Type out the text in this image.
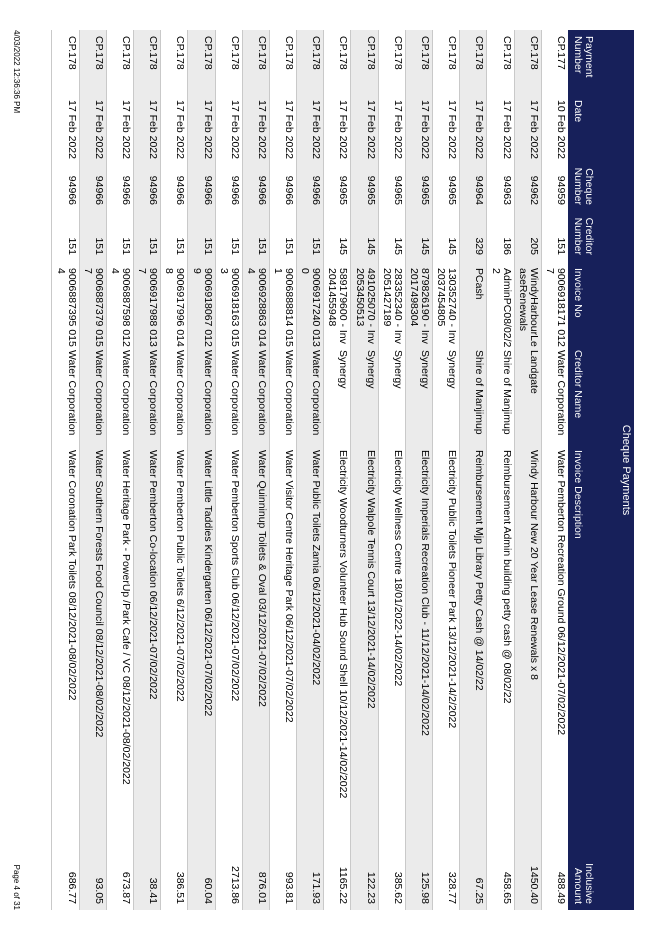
Cheque Payments
Payment Number
Date
Cheque Number
Creditor Number
Invoice No
Creditor Name
Invoice Description
Inclusive Amount
CP.177
10 Feb 2022
94959
151
9006918171 012 7
Water Corporation
Water Pemberton Recreation Ground 06/12/2021-07/02/2022
488.49
CP.178
17 Feb 2022
94962
205
WindyHarbourLe aseRenewals
Landgate
Windy Harbour New 20 Year Lease Renewals x 8
1450.40
CP.178
17 Feb 2022
94963
186
AdminPC08/02/2 2
Shire of Manjimup
Reimbursement Admin building petty cash @ 08/02/22
458.65
CP.178
17 Feb 2022
94964
329
PCash
Shire of Manjimup
Reimbursement Mjp Library Petty Cash @ 14/02/22
67.25
CP.178
17 Feb 2022
94965
145
130352740 - Inv 2037454805
Synergy
Electricity Public Toilets Pioneer Park 13/12/2021-14/2/2022
328.77
CP.178
17 Feb 2022
94965
145
879826190 - Inv 2017498304
Synergy
Electricity Imperials Recreation Club - 11/12/2021-14/02/2022
125.98
CP.178
17 Feb 2022
94965
145
283352340 - Inv 2051427189
Synergy
Electricity Wellness Centre 18/01/2022-14/02/2022
385.62
CP.178
17 Feb 2022
94965
145
491025070 - Inv 2053450513
Synergy
Electricity Walpole Tennis Court 13/12/2021-14/02/2022
122.23
CP.178
17 Feb 2022
94965
145
589179600 - Inv 2041455948
Synergy
Electricity Woodturners Volunteer Hub Sound Shell 10/12/2021-14/02/2022
1165.22
CP.178
17 Feb 2022
94966
151
9006917240 013 0
Water Corporation
Water Public Toilets Zamia 06/12/2021-04/02/2022
171.93
CP.178
17 Feb 2022
94966
151
9006888814 015 1
Water Corporation
Water Visitor Centre Heritage Park 06/12/2021-07/02/2022
993.81
CP.178
17 Feb 2022
94966
151
9006928863 014 4
Water Corporation
Water Quinninup Toilets & Oval 03/12/2021-07/02/2022
876.01
CP.178
17 Feb 2022
94966
151
9006918163 015 3
Water Corporation
Water Pemberton Sports Club 06/12/2021-07/02/2022
2713.86
CP.178
17 Feb 2022
94966
151
9006918067 012 9
Water Corporation
Water Little Taddies Kindergarten 06/12/2021-07/02/2022
60.04
CP.178
17 Feb 2022
94966
151
9006917996 014 8
Water Corporation
Water Pemberton Public Toilets 6/12/2021-07/02/2022
386.51
CP.178
17 Feb 2022
94966
151
9006917988 013 7
Water Corporation
Water Pemberton Co-location 06/12/2021-07/02/2022
38.41
CP.178
17 Feb 2022
94966
151
9006887598 012 4
Water Corporation
Water Heritage Park - PowerUp /Park Cafe / VC 08/12/2021-08/02/2022
673.87
CP.178
17 Feb 2022
94966
151
9006887379 015 7
Water Corporation
Water Southern Forests Food Council 08/12/2021-08/02/2022
93.05
CP.178
17 Feb 2022
94966
151
9006887395 015 4
Water Corporation
Water Coronation Park Toilets 08/12/2021-08/02/2022
686.77
4/03/2022 12:36:36 PM
Page 4 of 31
